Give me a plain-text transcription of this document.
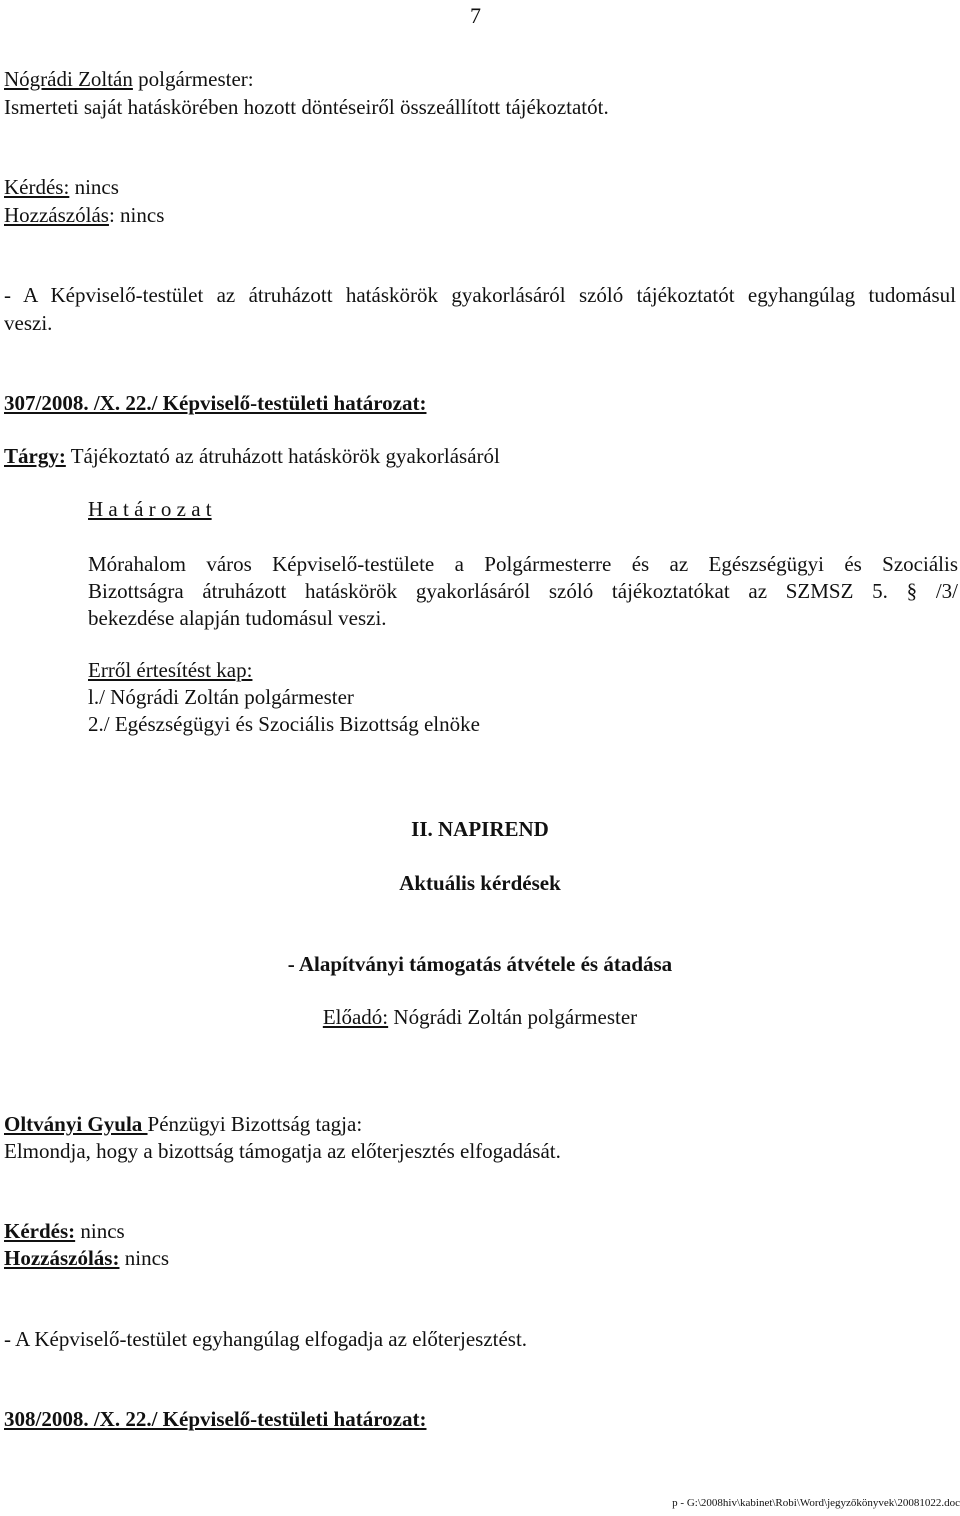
7
Nógrádi Zoltán polgármester:
Ismerteti saját hatáskörében hozott döntéseiről összeállított tájékoztatót.
Kérdés: nincs
Hozzászólás: nincs
- A Képviselő-testület az átruházott hatáskörök gyakorlásáról szóló tájékoztatót egyhangúlag tudomásul
veszi.
307/2008. /X. 22./ Képviselő-testületi határozat:
Tárgy: Tájékoztató az átruházott hatáskörök gyakorlásáról
H a t á r o z a t
Mórahalom város Képviselő-testülete a Polgármesterre és az Egészségügyi és Szociális
Bizottságra átruházott hatáskörök gyakorlásáról szóló tájékoztatókat az SZMSZ 5. § /3/
bekezdése alapján tudomásul veszi.
Erről értesítést kap:
l./ Nógrádi Zoltán polgármester
2./ Egészségügyi és Szociális Bizottság elnöke
II. NAPIREND
Aktuális kérdések
- Alapítványi támogatás átvétele és átadása
Előadó: Nógrádi Zoltán polgármester
Oltványi Gyula Pénzügyi Bizottság tagja:
Elmondja, hogy a bizottság támogatja az előterjesztés elfogadását.
Kérdés: nincs
Hozzászólás: nincs
- A Képviselő-testület egyhangúlag elfogadja az előterjesztést.
308/2008. /X. 22./ Képviselő-testületi határozat:
p - G:\2008hiv\kabinet\Robi\Word\jegyzőkönyvek\20081022.doc
